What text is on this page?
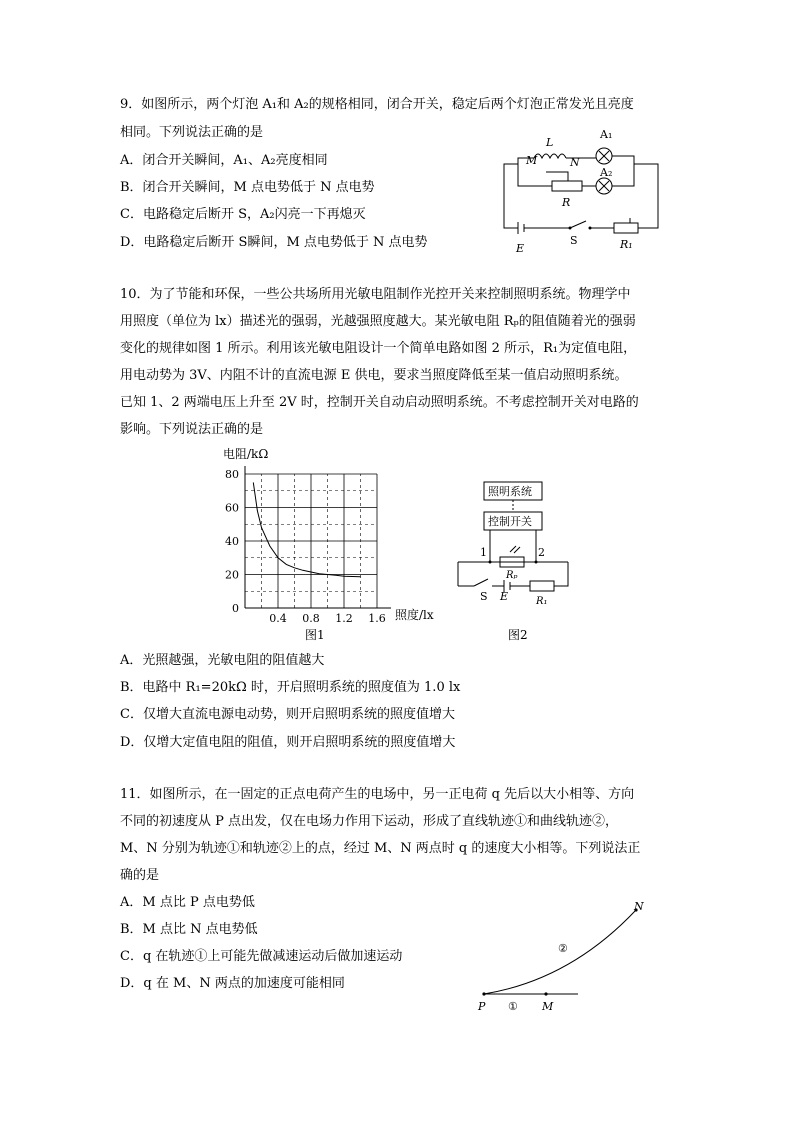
9．如图所示，两个灯泡 A₁和 A₂的规格相同，闭合开关，稳定后两个灯泡正常发光且亮度
相同。下列说法正确的是
A．闭合开关瞬间，A₁、A₂亮度相同
B．闭合开关瞬间，M 点电势低于 N 点电势
C．电路稳定后断开 S，A₂闪亮一下再熄灭
D．电路稳定后断开 S瞬间，M 点电势低于 N 点电势
L
M	N
A₁
A₂
R
E
S	R₁
10．为了节能和环保，一些公共场所用光敏电阻制作光控开关来控制照明系统。物理学中
用照度（单位为 lx）描述光的强弱，光越强照度越大。某光敏电阻 Rₚ的阻值随着光的强弱
变化的规律如图 1 所示。利用该光敏电阻设计一个简单电路如图 2 所示，R₁为定值电阻，
用电动势为 3V、内阻不计的直流电源 E 供电，要求当照度降低至某一值启动照明系统。
已知 1、2 两端电压上升至 2V 时，控制开关自动启动照明系统。不考虑控制开关对电路的
影响。下列说法正确的是
0
20
40
60
80
0.4 0.8 1.2 1.6
电阻/kΩ
照度/lx
图1
照明系统
控制开关
1	2
Rₚ
S E	R₁
图2
A．光照越强，光敏电阻的阻值越大
B．电路中 R₁=20kΩ 时，开启照明系统的照度值为 1.0 lx
C．仅增大直流电源电动势，则开启照明系统的照度值增大
D．仅增大定值电阻的阻值，则开启照明系统的照度值增大
11．如图所示，在一固定的正点电荷产生的电场中，另一正电荷 q 先后以大小相等、方向
不同的初速度从 P 点出发，仅在电场力作用下运动，形成了直线轨迹①和曲线轨迹②，
M、N 分别为轨迹①和轨迹②上的点，经过 M、N 两点时 q 的速度大小相等。下列说法正
确的是
A．M 点比 P 点电势低
B．M 点比 N 点电势低
C．q 在轨迹①上可能先做减速运动后做加速运动
D．q 在 M、N 两点的加速度可能相同
P ① M
②
N
